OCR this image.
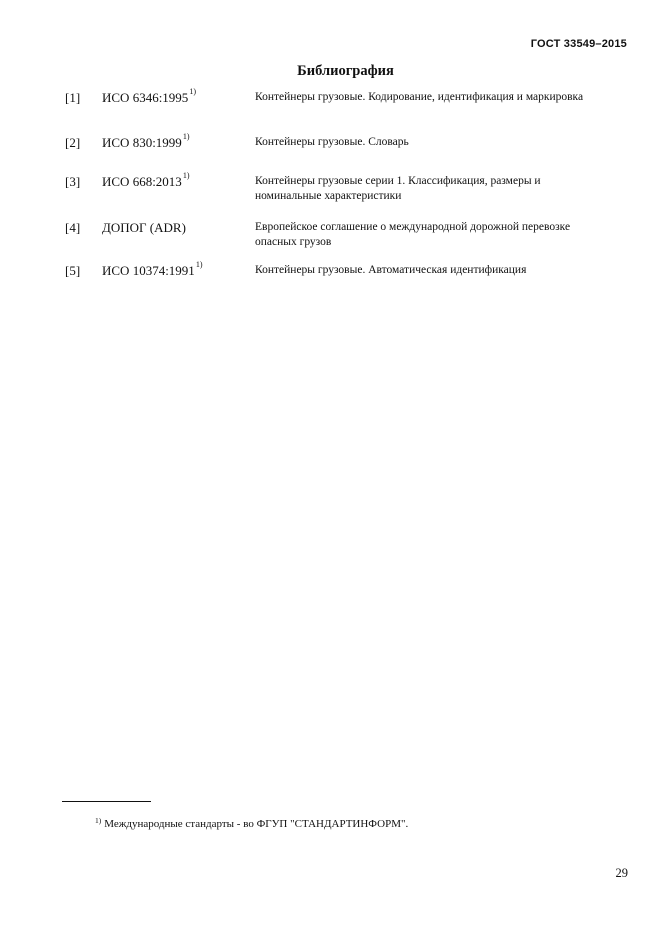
ГОСТ 33549–2015
Библиография
[1] ИСО 6346:1995$^{1)}$	Контейнеры грузовые. Кодирование, идентификация и маркировка
[2] ИСО 830:1999$^{1)}$	Контейнеры грузовые. Словарь
[3] ИСО 668:2013$^{1)}$	Контейнеры грузовые серии 1. Классификация, размеры и номинальные характеристики
[4] ДОПОГ (ADR)	Европейское соглашение о международной дорожной перевозке опасных грузов
[5] ИСО 10374:1991$^{1)}$	Контейнеры грузовые. Автоматическая идентификация
$^{1)}$ Международные стандарты - во ФГУП "СТАНДАРТИНФОРМ".
29
